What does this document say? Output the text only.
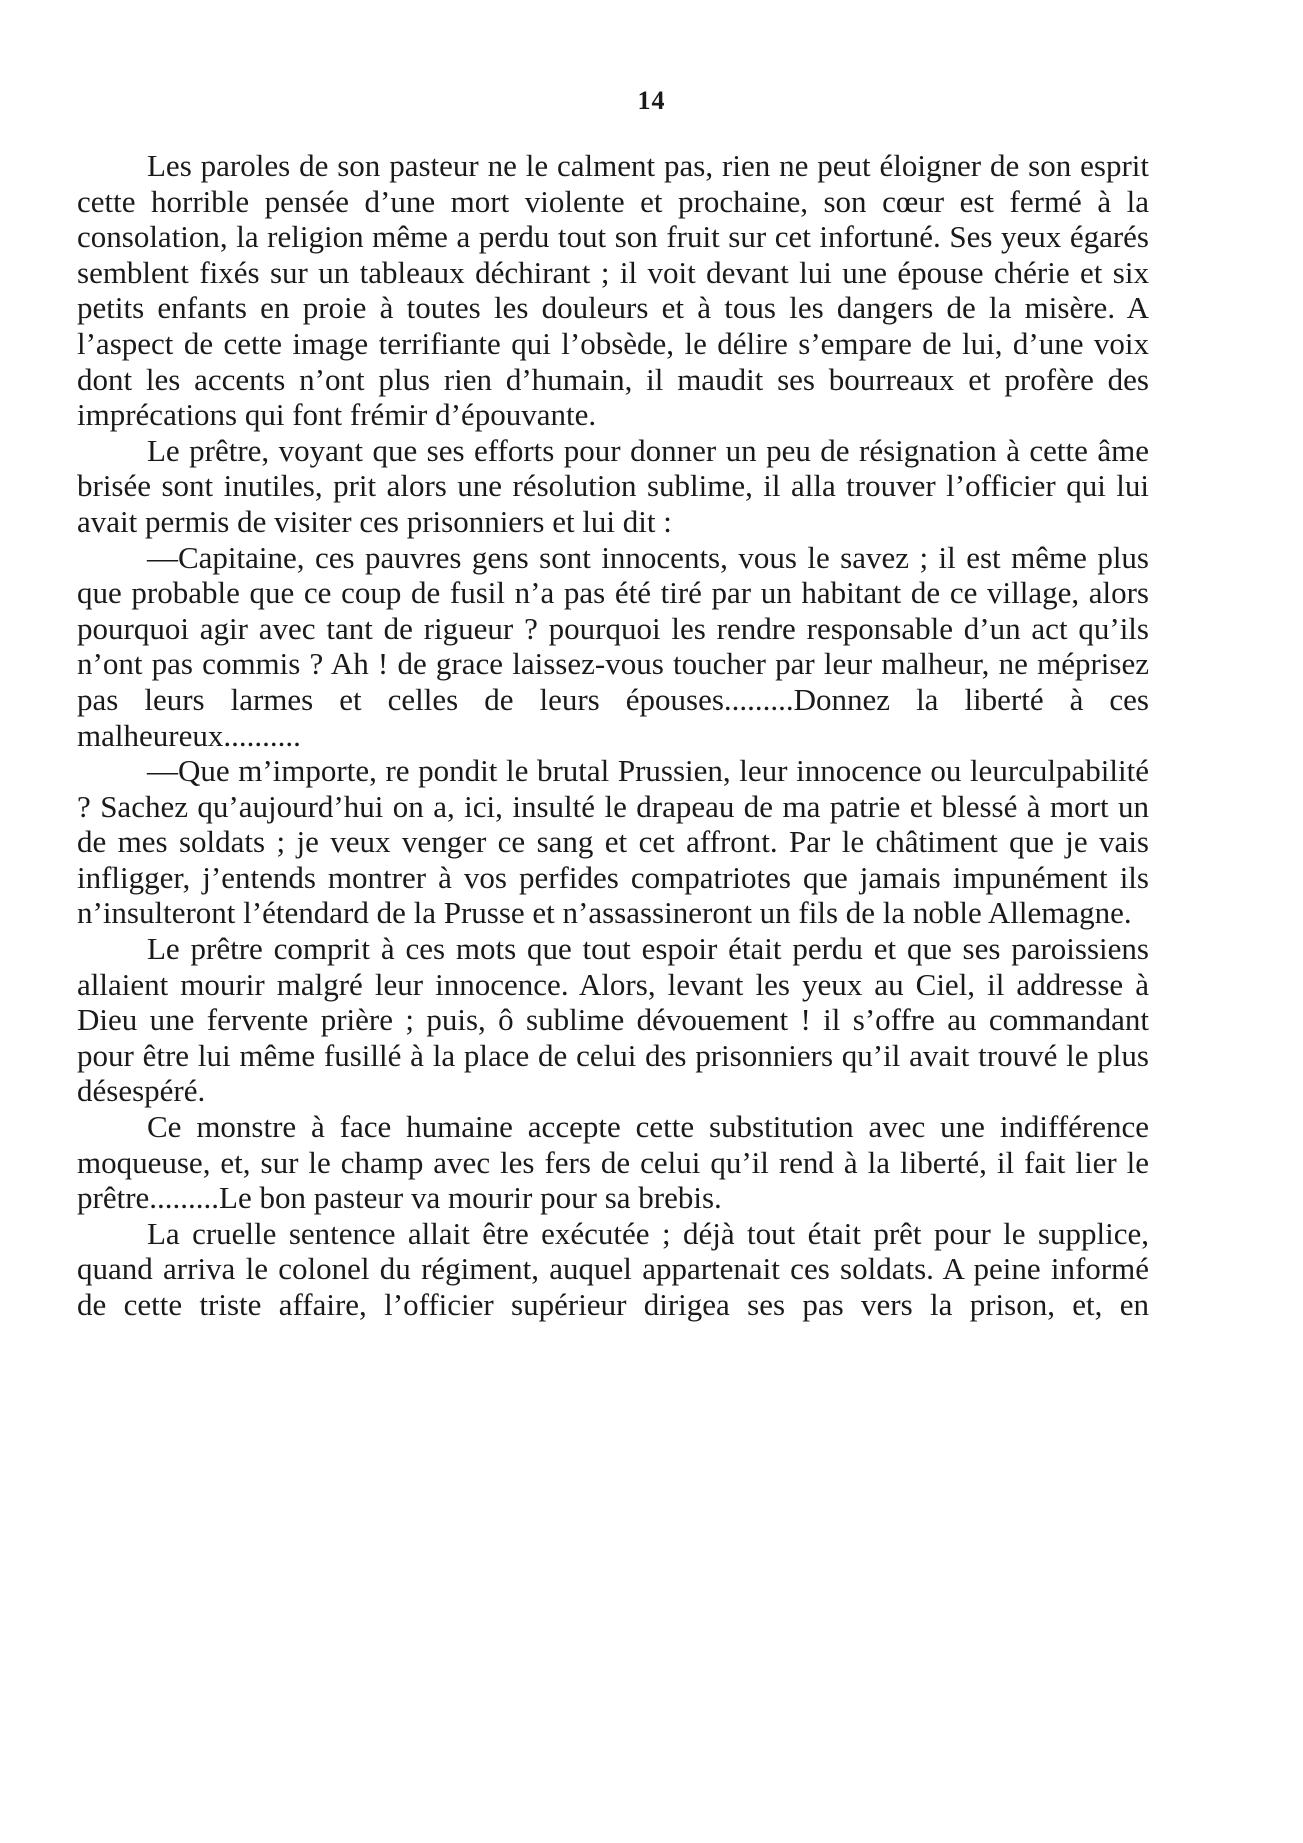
14

Les paroles de son pasteur ne le calment pas, rien ne peut éloigner de son esprit cette horrible pensée d’une mort violente et prochaine, son cœur est fermé à la consolation, la religion même a perdu tout son fruit sur cet infortuné. Ses yeux égarés semblent fixés sur un tableaux déchirant ; il voit devant lui une épouse chérie et six petits enfants en proie à toutes les douleurs et à tous les dangers de la misère. A l’aspect de cette image terrifiante qui l’obsède, le délire s’empare de lui, d’une voix dont les accents n’ont plus rien d’humain, il maudit ses bourreaux et profère des imprécations qui font frémir d’épouvante.

Le prêtre, voyant que ses efforts pour donner un peu de résignation à cette âme brisée sont inutiles, prit alors une résolution sublime, il alla trouver l’officier qui lui avait permis de visiter ces prisonniers et lui dit :

—Capitaine, ces pauvres gens sont innocents, vous le savez ; il est même plus que probable que ce coup de fusil n’a pas été tiré par un habitant de ce village, alors pourquoi agir avec tant de rigueur ? pourquoi les rendre responsable d’un act qu’ils n’ont pas commis ? Ah ! de grace laissez-vous toucher par leur malheur, ne méprisez pas leurs larmes et celles de leurs épouses.........Donnez la liberté à ces malheureux..........

—Que m’importe, re pondit le brutal Prussien, leur innocence ou leurculpabilité ? Sachez qu’aujourd’hui on a, ici, insulté le drapeau de ma patrie et blessé à mort un de mes soldats ; je veux venger ce sang et cet affront. Par le châtiment que je vais infligger, j’entends montrer à vos perfides compatriotes que jamais impunément ils n’insulteront l’étendard de la Prusse et n’assassineront un fils de la noble Allemagne.

Le prêtre comprit à ces mots que tout espoir était perdu et que ses paroissiens allaient mourir malgré leur innocence. Alors, levant les yeux au Ciel, il addresse à Dieu une fervente prière ; puis, ô sublime dévouement ! il s’offre au commandant pour être lui même fusillé à la place de celui des prisonniers qu’il avait trouvé le plus désespéré.

Ce monstre à face humaine accepte cette substitution avec une indifférence moqueuse, et, sur le champ avec les fers de celui qu’il rend à la liberté, il fait lier le prêtre.........Le bon pasteur va mourir pour sa brebis.

La cruelle sentence allait être exécutée ; déjà tout était prêt pour le supplice, quand arriva le colonel du régiment, auquel appartenait ces soldats. A peine informé de cette triste affaire, l’officier supérieur dirigea ses pas vers la prison, et, en
